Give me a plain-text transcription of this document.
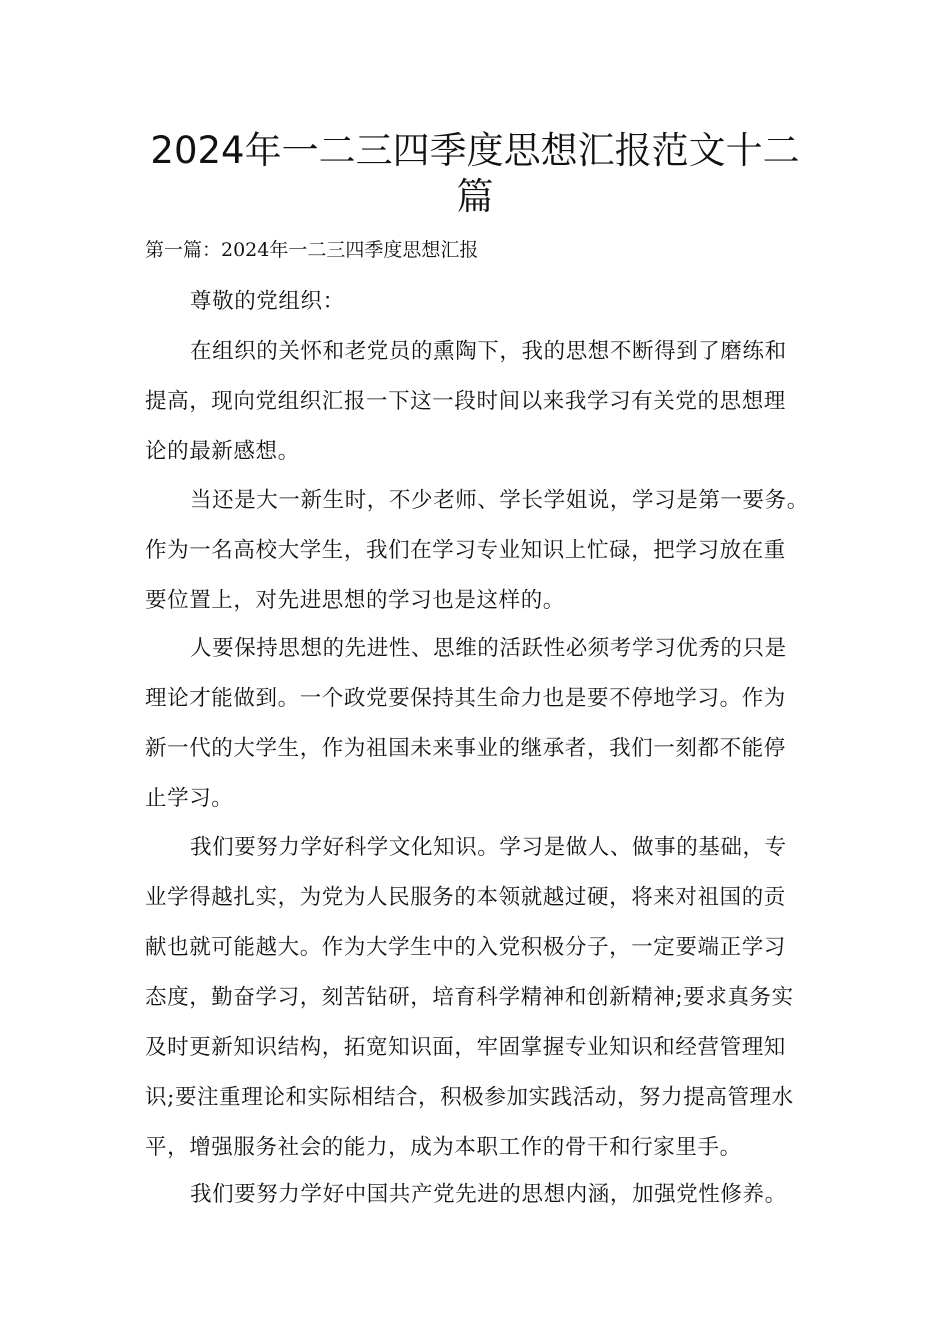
2024年一二三四季度思想汇报范文十二
篇

第一篇：2024年一二三四季度思想汇报

尊敬的党组织：
在组织的关怀和老党员的熏陶下，我的思想不断得到了磨练和
提高，现向党组织汇报一下这一段时间以来我学习有关党的思想理
论的最新感想。
当还是大一新生时，不少老师、学长学姐说，学习是第一要务。
作为一名高校大学生，我们在学习专业知识上忙碌，把学习放在重
要位置上，对先进思想的学习也是这样的。
人要保持思想的先进性、思维的活跃性必须考学习优秀的只是
理论才能做到。一个政党要保持其生命力也是要不停地学习。作为
新一代的大学生，作为祖国未来事业的继承者，我们一刻都不能停
止学习。
我们要努力学好科学文化知识。学习是做人、做事的基础，专
业学得越扎实，为党为人民服务的本领就越过硬，将来对祖国的贡
献也就可能越大。作为大学生中的入党积极分子，一定要端正学习
态度，勤奋学习，刻苦钻研，培育科学精神和创新精神;要求真务实
及时更新知识结构，拓宽知识面，牢固掌握专业知识和经营管理知
识;要注重理论和实际相结合，积极参加实践活动，努力提高管理水
平，增强服务社会的能力，成为本职工作的骨干和行家里手。
我们要努力学好中国共产党先进的思想内涵，加强党性修养。
